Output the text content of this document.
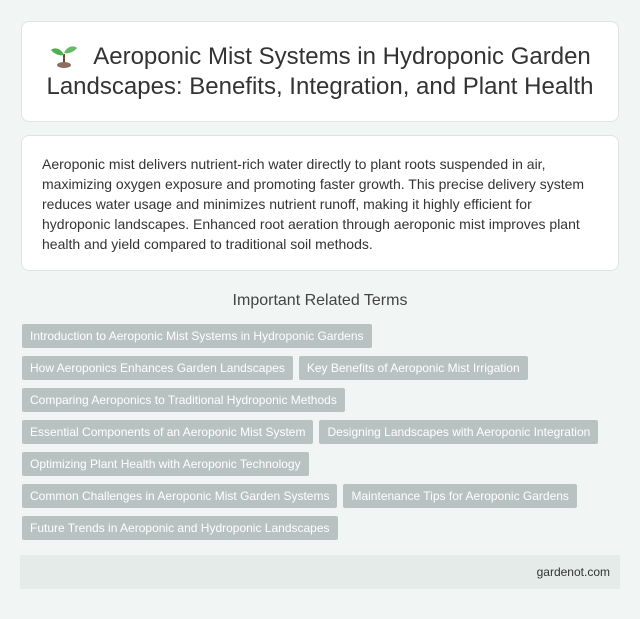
Aeroponic Mist Systems in Hydroponic Garden Landscapes: Benefits, Integration, and Plant Health

Aeroponic mist delivers nutrient-rich water directly to plant roots suspended in air, maximizing oxygen exposure and promoting faster growth. This precise delivery system reduces water usage and minimizes nutrient runoff, making it highly efficient for hydroponic landscapes. Enhanced root aeration through aeroponic mist improves plant health and yield compared to traditional soil methods.

Important Related Terms
Introduction to Aeroponic Mist Systems in Hydroponic Gardens
How Aeroponics Enhances Garden Landscapes	Key Benefits of Aeroponic Mist Irrigation
Comparing Aeroponics to Traditional Hydroponic Methods
Essential Components of an Aeroponic Mist System	Designing Landscapes with Aeroponic Integration
Optimizing Plant Health with Aeroponic Technology
Common Challenges in Aeroponic Mist Garden Systems	Maintenance Tips for Aeroponic Gardens
Future Trends in Aeroponic and Hydroponic Landscapes
gardenot.com
